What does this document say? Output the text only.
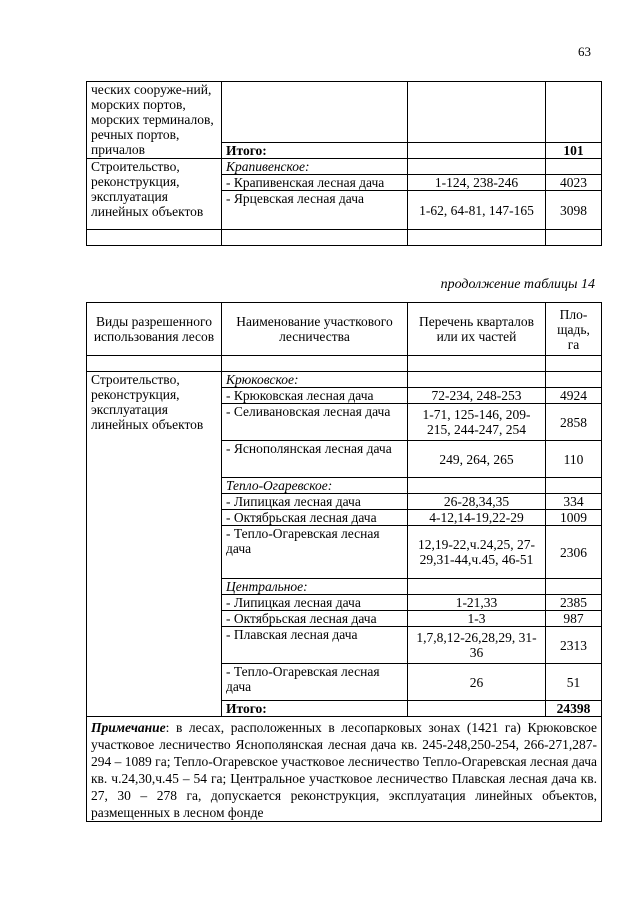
63
ческих сооруже-ний, морских портов, морских терминалов, речных портов, причалов			
	Итого:		101
Строительство, реконструкция, эксплуатация линейных объектов	Крапивенское:		
	- Крапивенская лесная дача	1-124, 238-246	4023
	- Ярцевская лесная дача	1-62, 64-81, 147-165	3098

продолжение таблицы 14
Виды разрешенного использования лесов	Наименование участкового лесничества	Перечень кварталов или их частей	Пло-щадь, га

Строительство, реконструкция, эксплуатация линейных объектов	Крюковское:		
	- Крюковская лесная дача	72-234, 248-253	4924
	- Селивановская лесная дача	1-71, 125-146, 209-215, 244-247, 254	2858
	- Яснополянская лесная дача	249, 264, 265	110
	Тепло-Огаревское:		
	- Липицкая лесная дача	26-28,34,35	334
	- Октябрьская лесная дача	4-12,14-19,22-29	1009
	- Тепло-Огаревская лесная дача	12,19-22,ч.24,25, 27-29,31-44,ч.45, 46-51	2306
	Центральное:		
	- Липицкая лесная дача	1-21,33	2385
	- Октябрьская лесная дача	1-3	987
	- Плавская лесная дача	1,7,8,12-26,28,29, 31-36	2313
	- Тепло-Огаревская лесная дача	26	51
	Итого:		24398
Примечание: в лесах, расположенных в лесопарковых зонах (1421 га) Крюковское участковое лесничество Яснополянская лесная дача кв. 245-248,250-254, 266-271,287-294 – 1089 га; Тепло-Огаревское участковое лесничество Тепло-Огаревская лесная дача кв. ч.24,30,ч.45 – 54 га; Центральное участковое лесничество Плавская лесная дача кв. 27, 30 – 278 га, допускается реконструкция, эксплуатация линейных объектов, размещенных в лесном фонде			
